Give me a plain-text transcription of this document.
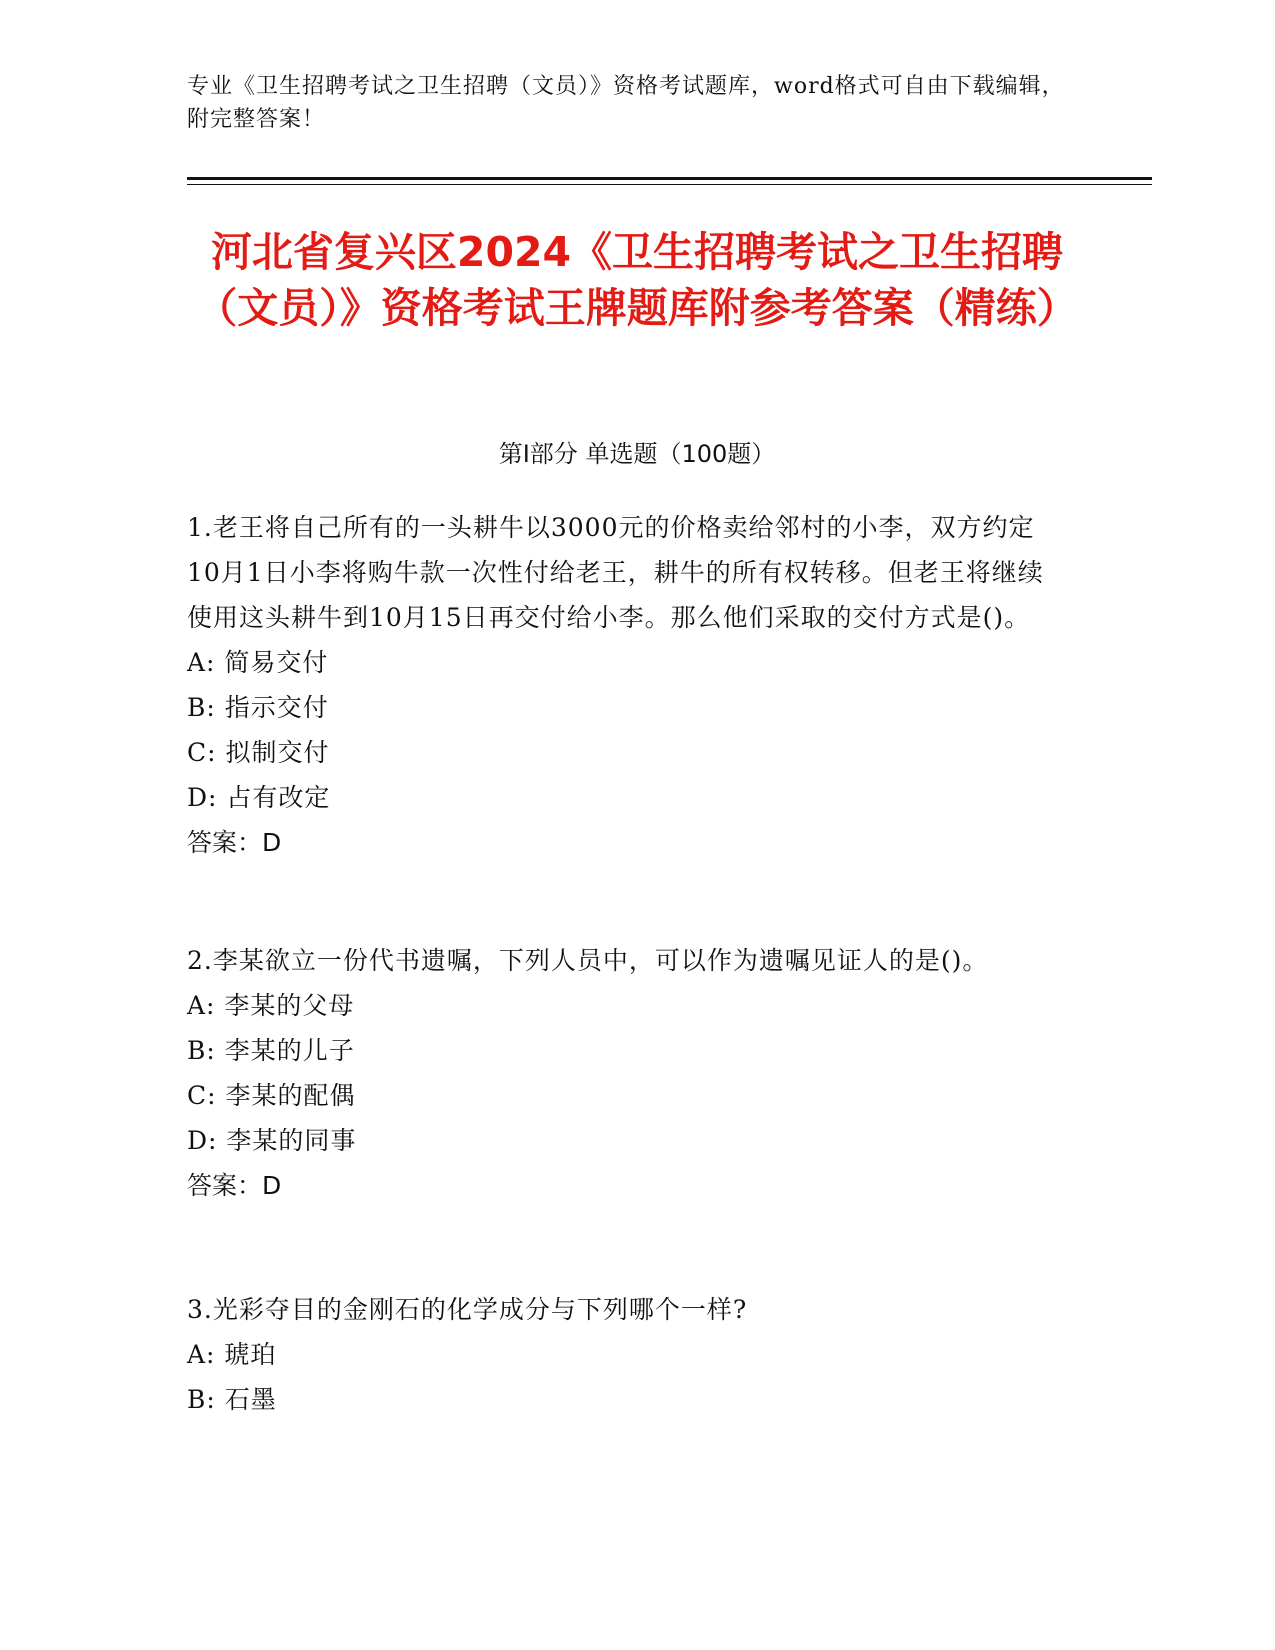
专业《卫生招聘考试之卫生招聘（文员）》资格考试题库，word格式可自由下载编辑，附完整答案！
河北省复兴区2024《卫生招聘考试之卫生招聘（文员）》资格考试王牌题库附参考答案（精练）
第I部分 单选题（100题）
1.老王将自己所有的一头耕牛以3000元的价格卖给邻村的小李，双方约定10月1日小李将购牛款一次性付给老王，耕牛的所有权转移。但老王将继续使用这头耕牛到10月15日再交付给小李。那么他们采取的交付方式是()。
A: 简易交付
B: 指示交付
C: 拟制交付
D: 占有改定
答案：D
2.李某欲立一份代书遗嘱，下列人员中，可以作为遗嘱见证人的是()。
A: 李某的父母
B: 李某的儿子
C: 李某的配偶
D: 李某的同事
答案：D
3.光彩夺目的金刚石的化学成分与下列哪个一样?
A: 琥珀
B: 石墨
